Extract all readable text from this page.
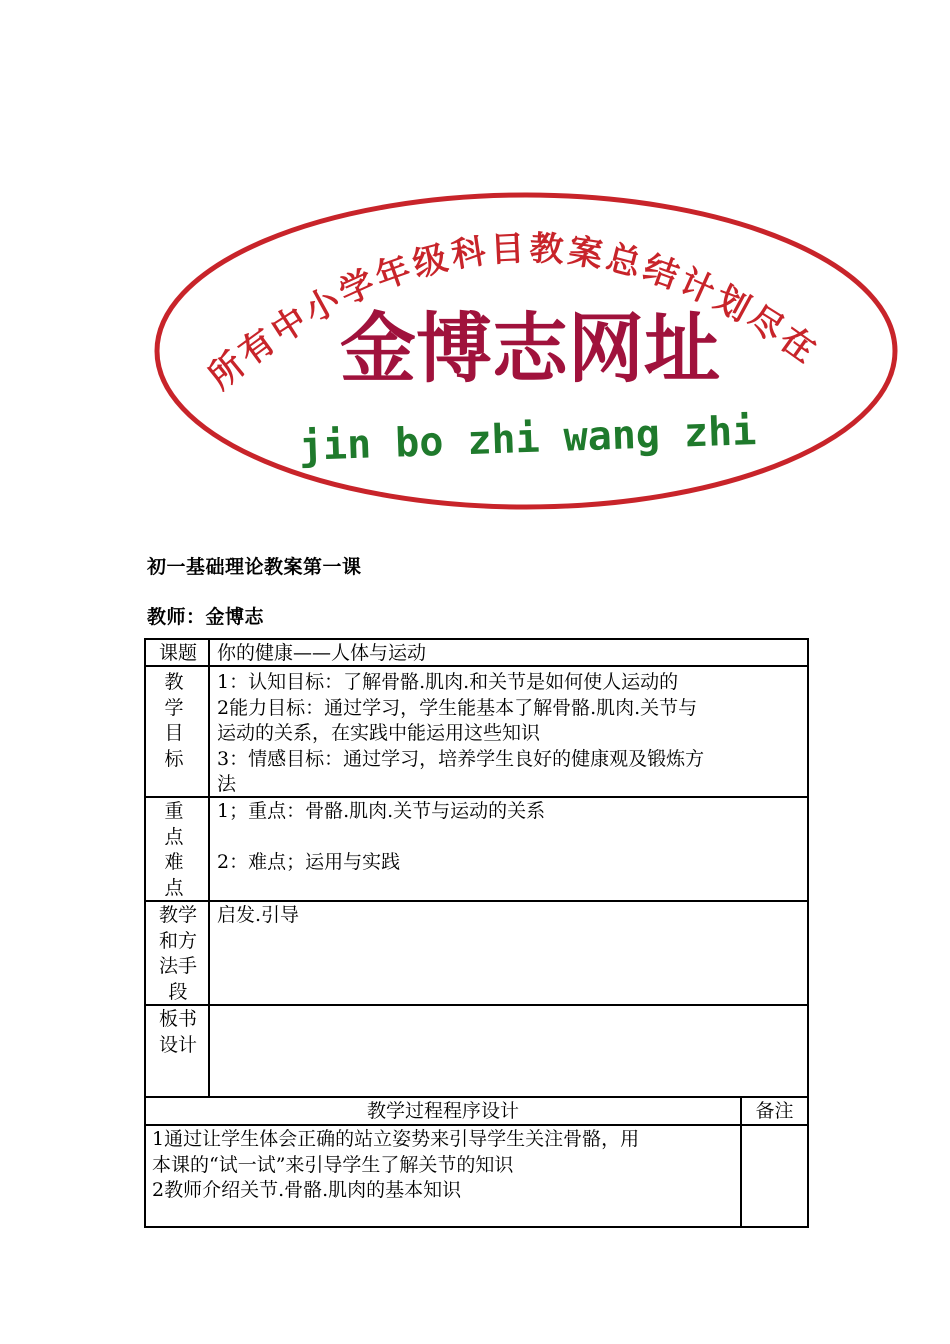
所有中小学年级科目教案总结计划尽在
金博志网址
jin bo zhi wang zhi
初一基础理论教案第一课
教师：金博志
课题	你的健康——人体与运动
教学目标

1：认知目标：了解骨骼.肌肉.和关节是如何使人运动的

2能力目标：通过学习，学生能基本了解骨骼.肌肉.关节与

运动的关系，在实践中能运用这些知识

3：情感目标：通过学习，培养学生良好的健康观及锻炼方

法

重点难点

1；重点：骨骼.肌肉.关节与运动的关系

2：难点；运用与实践

教学和方法手段
启发.引导
板书设计
教学过程程序设计	备注

1通过让学生体会正确的站立姿势来引导学生关注骨骼，用

本课的“试一试”来引导学生了解关节的知识

2教师介绍关节.骨骼.肌肉的基本知识
